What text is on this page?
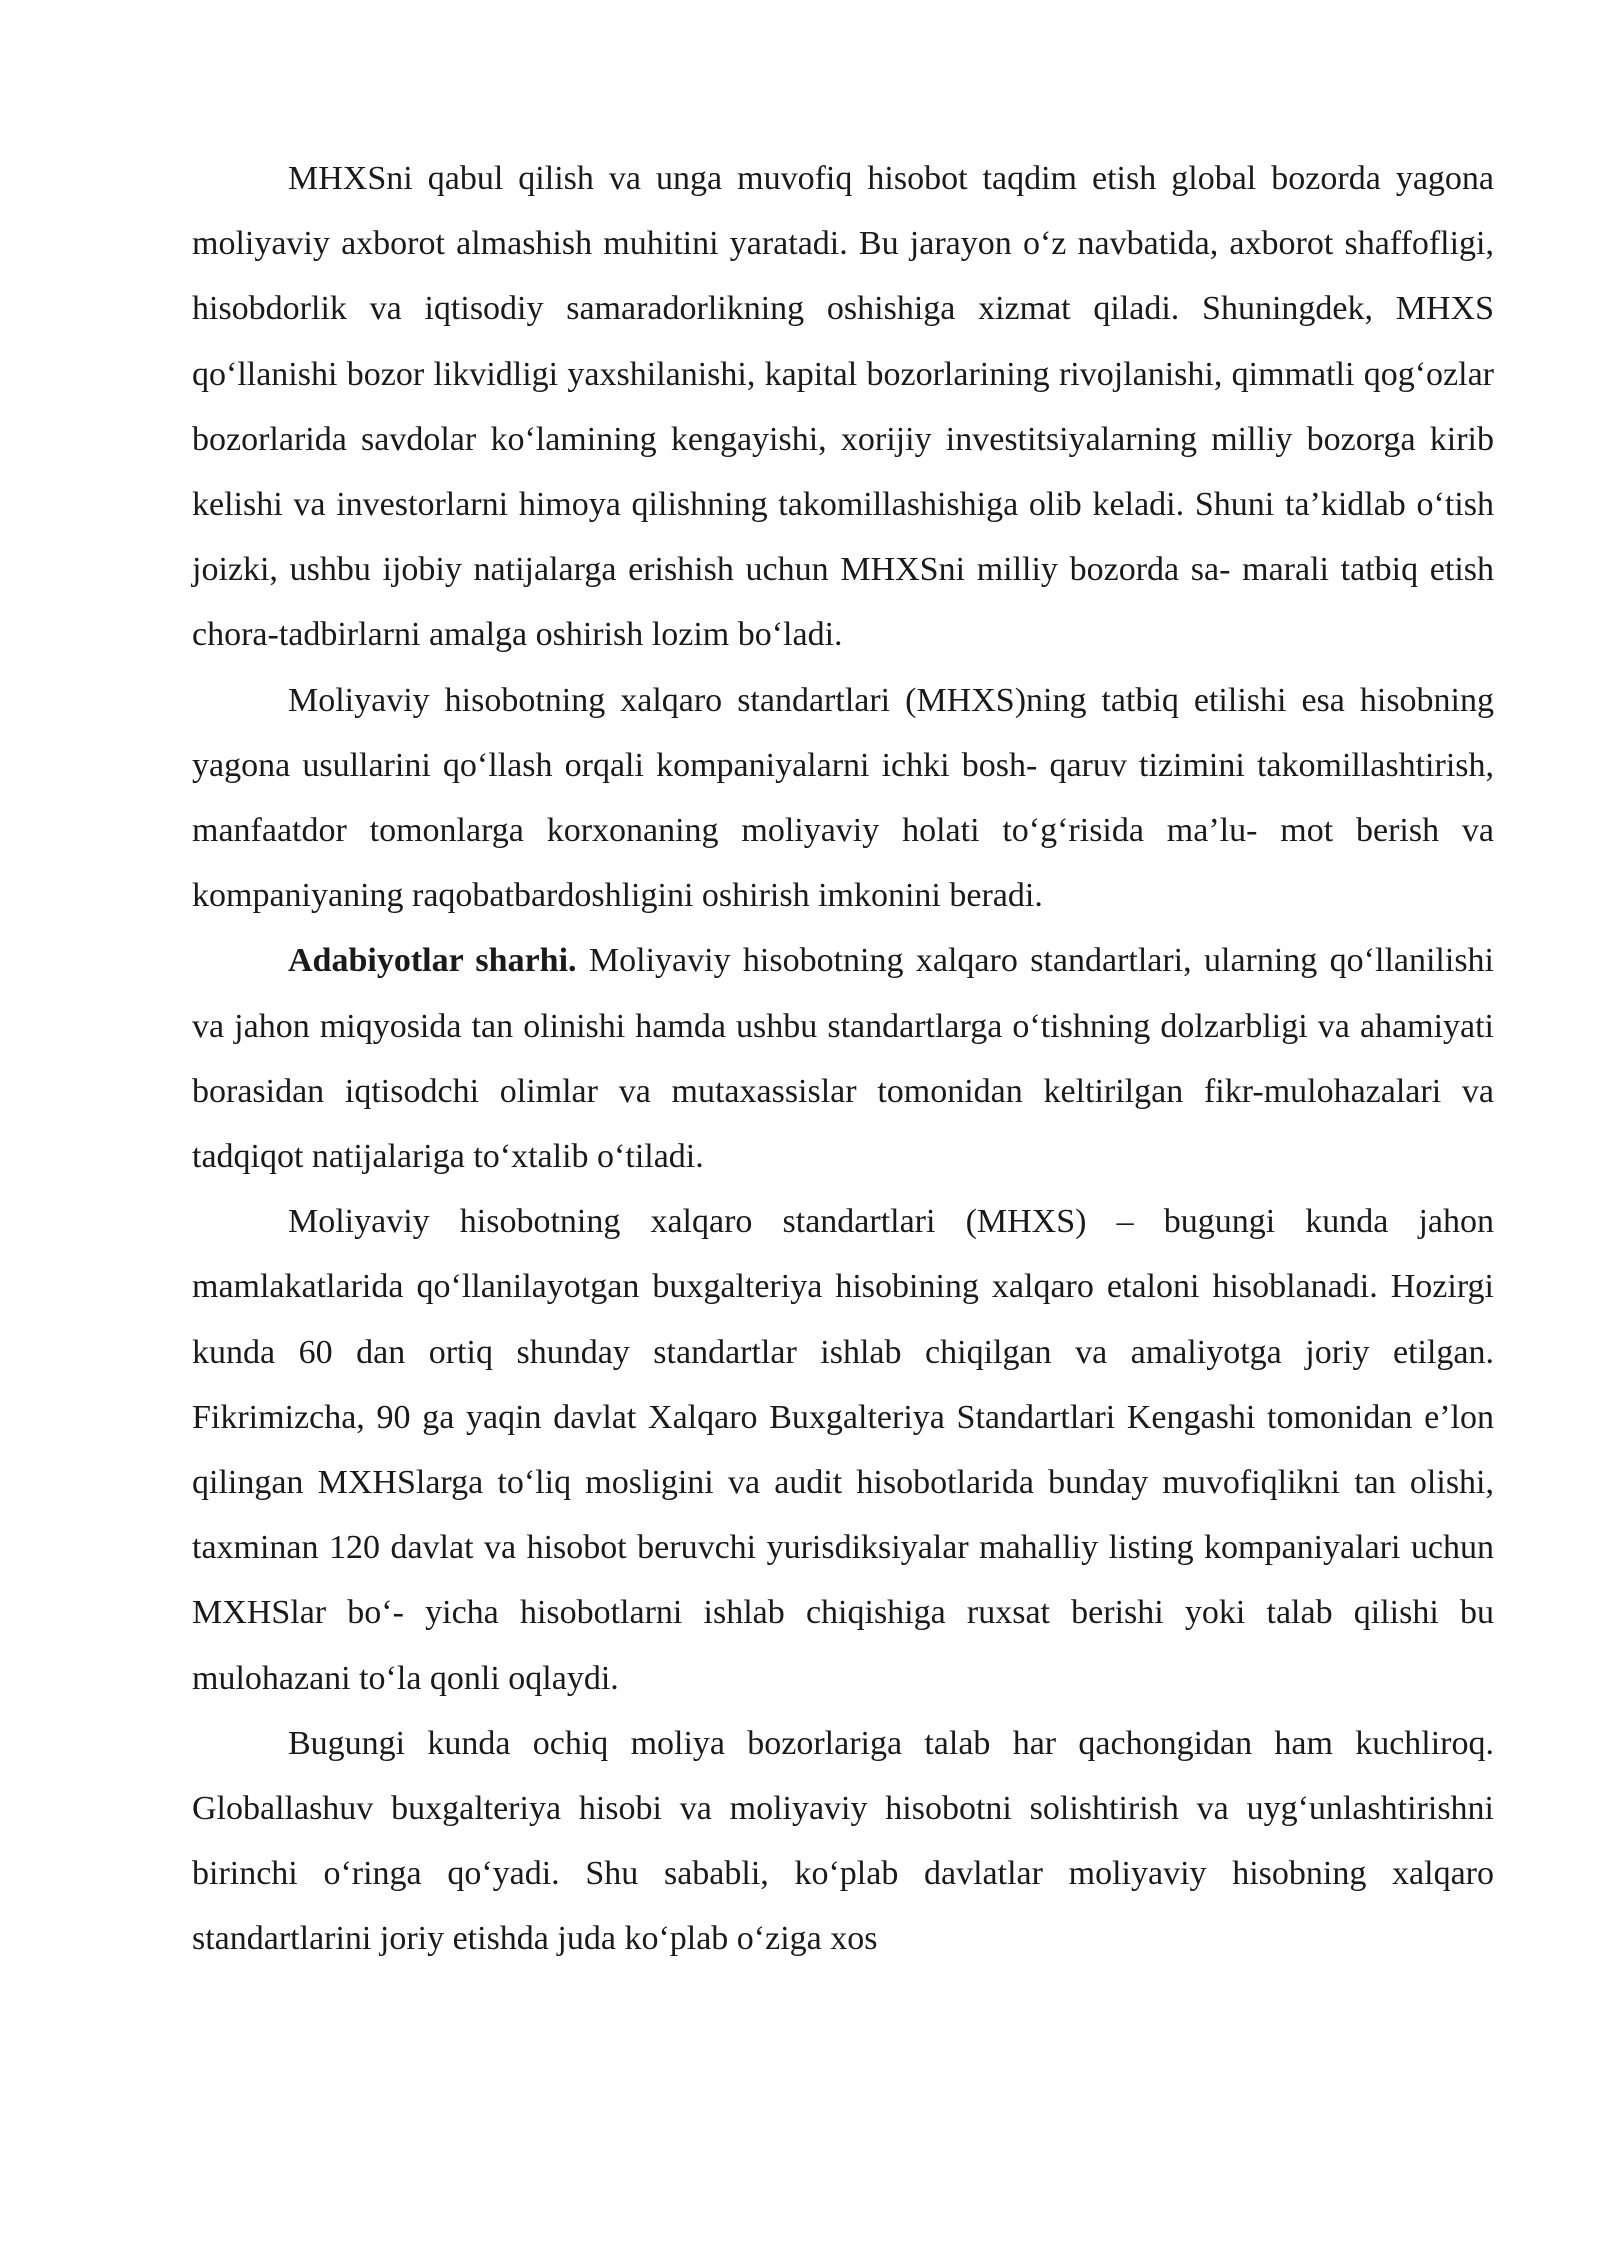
MHXSni qabul qilish va unga muvofiq hisobot taqdim etish global bozorda yagona moliyaviy axborot almashish muhitini yaratadi. Bu jarayon o‘z navbatida, axborot shaffofligi, hisobdorlik va iqtisodiy samaradorlikning oshishiga xizmat qiladi. Shuningdek, MHXS qo‘llanishi bozor likvidligi yaxshilanishi, kapital bozorlarining rivojlanishi, qimmatli qog‘ozlar bozorlarida savdolar ko‘lamining kengayishi, xorijiy investitsiyalarning milliy bozorga kirib kelishi va investorlarni himoya qilishning takomillashishiga olib keladi. Shuni ta’kidlab o‘tish joizki, ushbu ijobiy natijalarga erishish uchun MHXSni milliy bozorda sa- marali tatbiq etish chora-tadbirlarni amalga oshirish lozim bo‘ladi.

Moliyaviy hisobotning xalqaro standartlari (MHXS)ning tatbiq etilishi esa hisobning yagona usullarini qo‘llash orqali kompaniyalarni ichki bosh- qaruv tizimini takomillashtirish, manfaatdor tomonlarga korxonaning moliyaviy holati to‘g‘risida ma’lu- mot berish va kompaniyaning raqobatbardoshligini oshirish imkonini beradi.

Adabiyotlar sharhi. Moliyaviy hisobotning xalqaro standartlari, ularning qo‘llanilishi va jahon miqyosida tan olinishi hamda ushbu standartlarga o‘tishning dolzarbligi va ahamiyati borasidan iqtisodchi olimlar va mutaxassislar tomonidan keltirilgan fikr-mulohazalari va tadqiqot natijalariga to‘xtalib o‘tiladi.

Moliyaviy hisobotning xalqaro standartlari (MHXS) – bugungi kunda jahon mamlakatlarida qo‘llanilayotgan buxgalteriya hisobining xalqaro etaloni hisoblanadi. Hozirgi kunda 60 dan ortiq shunday standartlar ishlab chiqilgan va amaliyotga joriy etilgan. Fikrimizcha, 90 ga yaqin davlat Xalqaro Buxgalteriya Standartlari Kengashi tomonidan e’lon qilingan MXHSlarga to‘liq mosligini va audit hisobotlarida bunday muvofiqlikni tan olishi, taxminan 120 davlat va hisobot beruvchi yurisdiksiyalar mahalliy listing kompaniyalari uchun MXHSlar bo‘- yicha hisobotlarni ishlab chiqishiga ruxsat berishi yoki talab qilishi bu mulohazani to‘la qonli oqlaydi.

Bugungi kunda ochiq moliya bozorlariga talab har qachongidan ham kuchliroq. Globallashuv buxgalteriya hisobi va moliyaviy hisobotni solishtirish va uyg‘unlashtirishni birinchi o‘ringa qo‘yadi. Shu sababli, ko‘plab davlatlar moliyaviy hisobning xalqaro standartlarini joriy etishda juda ko‘plab o‘ziga xos
